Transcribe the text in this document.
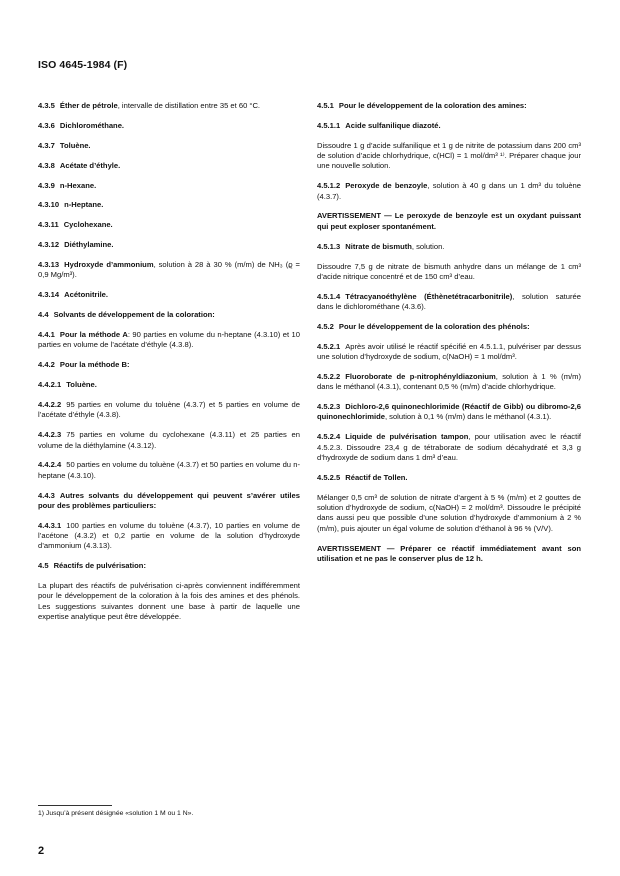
ISO 4645-1984 (F)

4.3.5 Éther de pétrole, intervalle de distillation entre 35 et 60 °C.

4.3.6 Dichlorométhane.

4.3.7 Toluène.

4.3.8 Acétate d’éthyle.

4.3.9 n-Hexane.

4.3.10 n-Heptane.

4.3.11 Cyclohexane.

4.3.12 Diéthylamine.

4.3.13 Hydroxyde d’ammonium, solution à 28 à 30 % (m/m) de NH₃ (ϱ = 0,9 Mg/m³).

4.3.14 Acétonitrile.

4.4 Solvants de développement de la coloration:

4.4.1 Pour la méthode A: 90 parties en volume du n-heptane (4.3.10) et 10 parties en volume de l’acétate d’éthyle (4.3.8).

4.4.2 Pour la méthode B:

4.4.2.1 Toluène.

4.4.2.2 95 parties en volume du toluène (4.3.7) et 5 parties en volume de l’acétate d’éthyle (4.3.8).

4.4.2.3 75 parties en volume du cyclohexane (4.3.11) et 25 parties en volume de la diéthylamine (4.3.12).

4.4.2.4 50 parties en volume du toluène (4.3.7) et 50 parties en volume du n-heptane (4.3.10).

4.4.3 Autres solvants du développement qui peuvent s’avérer utiles pour des problèmes particuliers:

4.4.3.1 100 parties en volume du toluène (4.3.7), 10 parties en volume de l’acétone (4.3.2) et 0,2 partie en volume de la solution d’hydroxyde d’ammonium (4.3.13).

4.5 Réactifs de pulvérisation:

La plupart des réactifs de pulvérisation ci-après conviennent indifféremment pour le développement de la coloration à la fois des amines et des phénols. Les suggestions suivantes donnent une base à partir de laquelle une expertise analytique peut être développée.

4.5.1 Pour le développement de la coloration des amines:

4.5.1.1 Acide sulfanilique diazoté.

Dissoudre 1 g d’acide sulfanilique et 1 g de nitrite de potassium dans 200 cm³ de solution d’acide chlorhydrique, c(HCl) = 1 mol/dm³ ¹⁾. Préparer chaque jour une nouvelle solution.

4.5.1.2 Peroxyde de benzoyle, solution à 40 g dans un 1 dm³ du toluène (4.3.7).

AVERTISSEMENT — Le peroxyde de benzoyle est un oxydant puissant qui peut exploser spontanément.

4.5.1.3 Nitrate de bismuth, solution.

Dissoudre 7,5 g de nitrate de bismuth anhydre dans un mélange de 1 cm³ d’acide nitrique concentré et de 150 cm³ d’eau.

4.5.1.4 Tétracyanoéthylène (Éthènetétracarbonitrile), solution saturée dans le dichlorométhane (4.3.6).

4.5.2 Pour le développement de la coloration des phénols:

4.5.2.1 Après avoir utilisé le réactif spécifié en 4.5.1.1, pulvériser par dessus une solution d’hydroxyde de sodium, c(NaOH) = 1 mol/dm³.

4.5.2.2 Fluoroborate de p-nitrophényldiazonium, solution à 1 % (m/m) dans le méthanol (4.3.1), contenant 0,5 % (m/m) d’acide chlorhydrique.

4.5.2.3 Dichloro-2,6 quinonechlorimide (Réactif de Gibb) ou dibromo-2,6 quinonechlorimide, solution à 0,1 % (m/m) dans le méthanol (4.3.1).

4.5.2.4 Liquide de pulvérisation tampon, pour utilisation avec le réactif 4.5.2.3. Dissoudre 23,4 g de tétraborate de sodium décahydraté et 3,3 g d’hydroxyde de sodium dans 1 dm³ d’eau.

4.5.2.5 Réactif de Tollen.

Mélanger 0,5 cm³ de solution de nitrate d’argent à 5 % (m/m) et 2 gouttes de solution d’hydroxyde de sodium, c(NaOH) = 2 mol/dm³. Dissoudre le précipité dans aussi peu que possible d’une solution d’hydroxyde d’ammonium à 2 % (m/m), puis ajouter un égal volume de solution d’éthanol à 96 % (V/V).

AVERTISSEMENT — Préparer ce réactif immédiatement avant son utilisation et ne pas le conserver plus de 12 h.

1) Jusqu’à présent désignée «solution 1 M ou 1 N».
2
